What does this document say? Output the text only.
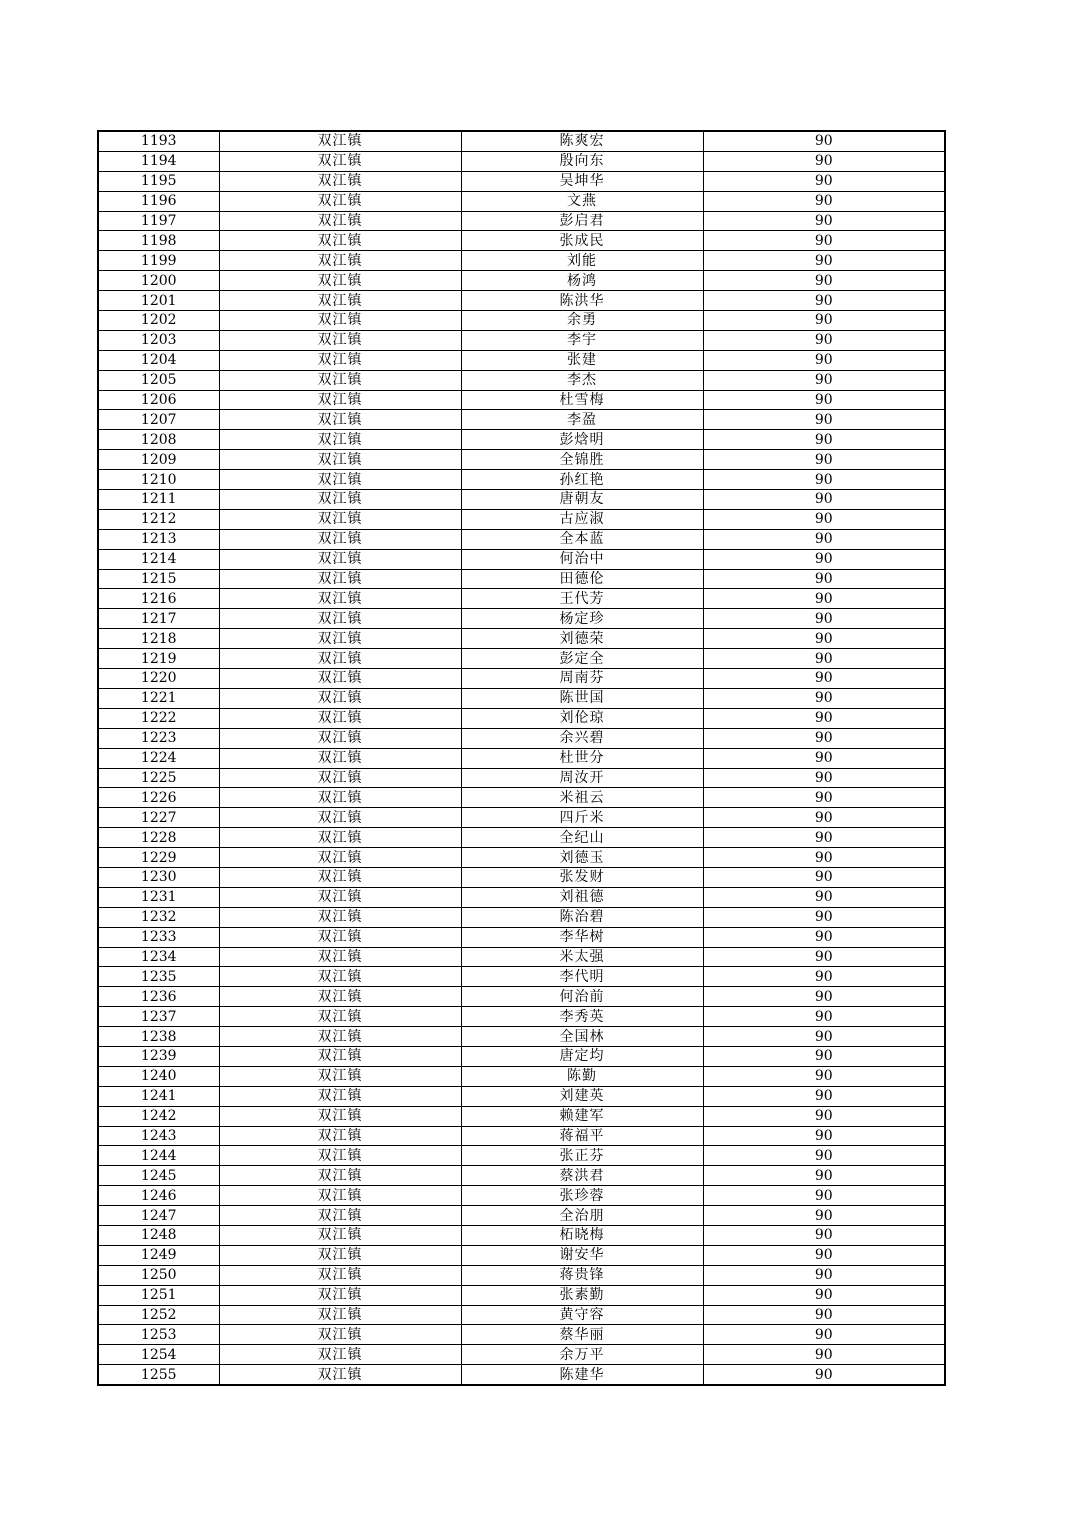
1193	双江镇	陈爽宏	90
1194	双江镇	殷向东	90
1195	双江镇	吴坤华	90
1196	双江镇	文燕	90
1197	双江镇	彭启君	90
1198	双江镇	张成民	90
1199	双江镇	刘能	90
1200	双江镇	杨鸿	90
1201	双江镇	陈洪华	90
1202	双江镇	余勇	90
1203	双江镇	李宇	90
1204	双江镇	张建	90
1205	双江镇	李杰	90
1206	双江镇	杜雪梅	90
1207	双江镇	李盈	90
1208	双江镇	彭焓明	90
1209	双江镇	全锦胜	90
1210	双江镇	孙红艳	90
1211	双江镇	唐朝友	90
1212	双江镇	古应淑	90
1213	双江镇	全本蓝	90
1214	双江镇	何治中	90
1215	双江镇	田德伦	90
1216	双江镇	王代芳	90
1217	双江镇	杨定珍	90
1218	双江镇	刘德荣	90
1219	双江镇	彭定全	90
1220	双江镇	周南芬	90
1221	双江镇	陈世国	90
1222	双江镇	刘伦琼	90
1223	双江镇	余兴碧	90
1224	双江镇	杜世分	90
1225	双江镇	周汝开	90
1226	双江镇	米祖云	90
1227	双江镇	四斤米	90
1228	双江镇	全纪山	90
1229	双江镇	刘德玉	90
1230	双江镇	张发财	90
1231	双江镇	刘祖德	90
1232	双江镇	陈治碧	90
1233	双江镇	李华树	90
1234	双江镇	米太强	90
1235	双江镇	李代明	90
1236	双江镇	何治前	90
1237	双江镇	李秀英	90
1238	双江镇	全国林	90
1239	双江镇	唐定均	90
1240	双江镇	陈勤	90
1241	双江镇	刘建英	90
1242	双江镇	赖建军	90
1243	双江镇	蒋福平	90
1244	双江镇	张正芬	90
1245	双江镇	蔡洪君	90
1246	双江镇	张珍蓉	90
1247	双江镇	全治朋	90
1248	双江镇	柘晓梅	90
1249	双江镇	谢安华	90
1250	双江镇	蒋贵锋	90
1251	双江镇	张素勤	90
1252	双江镇	黄守容	90
1253	双江镇	蔡华丽	90
1254	双江镇	余万平	90
1255	双江镇	陈建华	90
